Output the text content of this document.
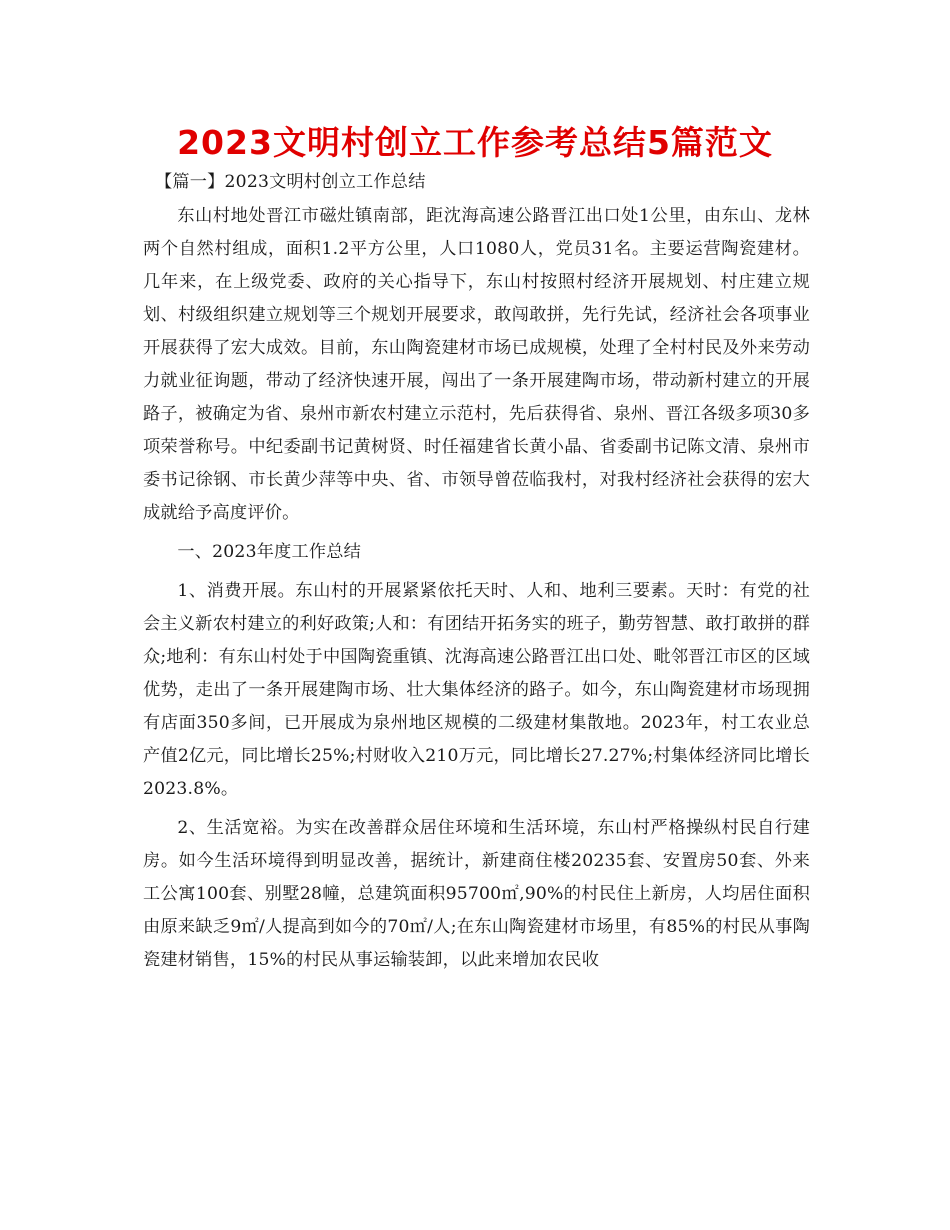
2023文明村创立工作参考总结5篇范文

【篇一】2023文明村创立工作总结

东山村地处晋江市磁灶镇南部，距沈海高速公路晋江出口处1公里，由东山、龙林两个自然村组成，面积1.2平方公里，人口1080人，党员31名。主要运营陶瓷建材。几年来，在上级党委、政府的关心指导下，东山村按照村经济开展规划、村庄建立规划、村级组织建立规划等三个规划开展要求，敢闯敢拼，先行先试，经济社会各项事业开展获得了宏大成效。目前，东山陶瓷建材市场已成规模，处理了全村村民及外来劳动力就业征询题，带动了经济快速开展，闯出了一条开展建陶市场，带动新村建立的开展路子，被确定为省、泉州市新农村建立示范村，先后获得省、泉州、晋江各级多项30多项荣誉称号。中纪委副书记黄树贤、时任福建省长黄小晶、省委副书记陈文清、泉州市委书记徐钢、市长黄少萍等中央、省、市领导曾莅临我村，对我村经济社会获得的宏大成就给予高度评价。

一、2023年度工作总结

1、消费开展。东山村的开展紧紧依托天时、人和、地利三要素。天时：有党的社会主义新农村建立的利好政策;人和：有团结开拓务实的班子，勤劳智慧、敢打敢拼的群众;地利：有东山村处于中国陶瓷重镇、沈海高速公路晋江出口处、毗邻晋江市区的区域优势，走出了一条开展建陶市场、壮大集体经济的路子。如今，东山陶瓷建材市场现拥有店面350多间，已开展成为泉州地区规模的二级建材集散地。2023年，村工农业总产值2亿元，同比增长25%;村财收入210万元，同比增长27.27%;村集体经济同比增长2023.8%。

2、生活宽裕。为实在改善群众居住环境和生活环境，东山村严格操纵村民自行建房。如今生活环境得到明显改善，据统计，新建商住楼20235套、安置房50套、外来工公寓100套、别墅28幢，总建筑面积95700㎡,90%的村民住上新房，人均居住面积由原来缺乏9㎡/人提高到如今的70㎡/人;在东山陶瓷建材市场里，有85%的村民从事陶瓷建材销售，15%的村民从事运输装卸，以此来增加农民收
